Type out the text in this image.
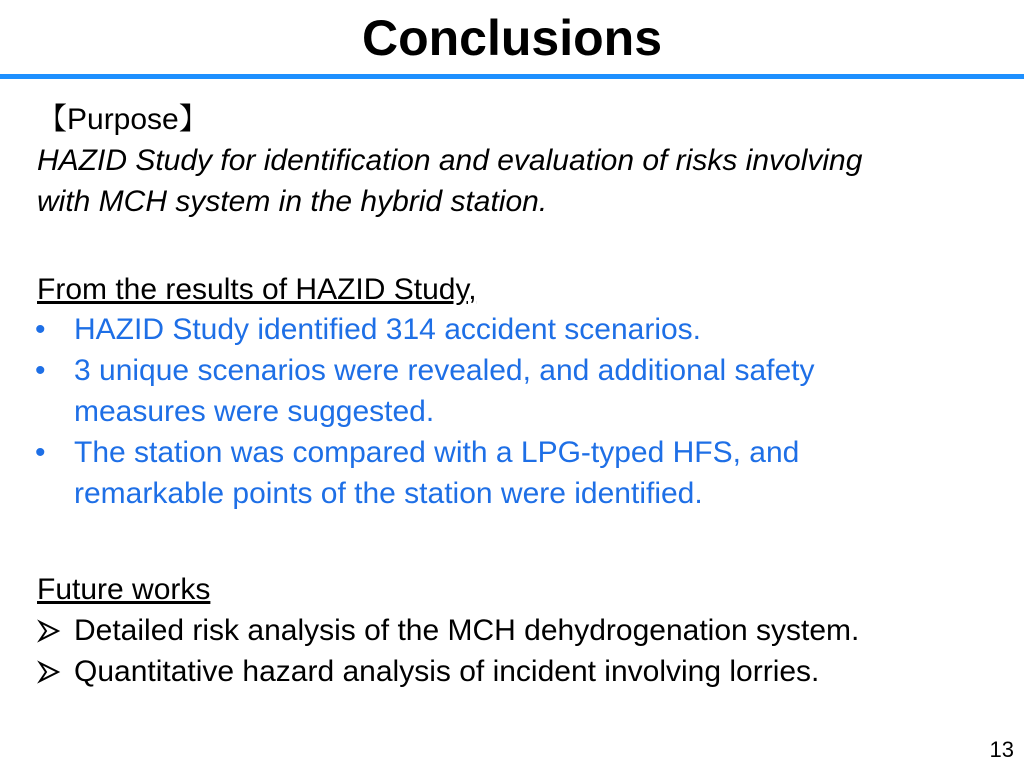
Conclusions
【Purpose】
HAZID Study for identification and evaluation of risks involving
with MCH system in the hybrid station.
From the results of HAZID Study,
• HAZID Study identified 314 accident scenarios.
• 3 unique scenarios were revealed, and additional safety
measures were suggested.
• The station was compared with a LPG-typed HFS, and
remarkable points of the station were identified.
Future works
Detailed risk analysis of the MCH dehydrogenation system.
Quantitative hazard analysis of incident involving lorries.
13
